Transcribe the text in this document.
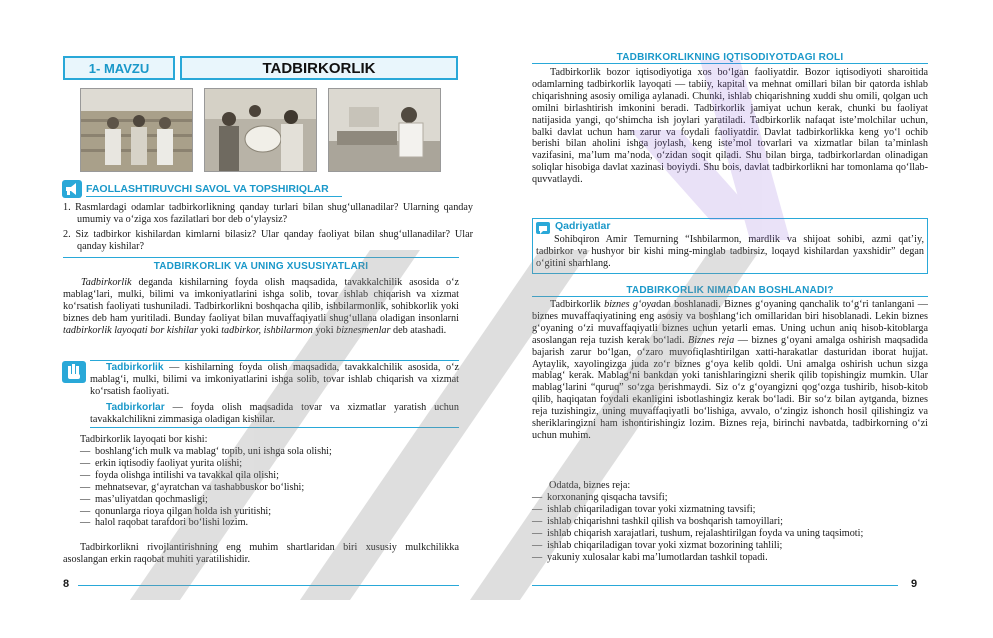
1- MAVZU	TADBIRKORLIK
FAOLLASHTIRUVCHI SAVOL VA TOPSHIRIQLAR

1. Rasmlardagi odamlar tadbirkorlikning qanday turlari bilan shug‘ullanadilar? Ularning qanday umumiy va o‘ziga xos fazilatlari bor deb o‘ylaysiz?

2. Siz tadbirkor kishilardan kimlarni bilasiz? Ular qanday faoliyat bilan shug‘ullanadilar? Ular qanday kishilar?

TADBIRKORLIK VA UNING XUSUSIYATLARI

Tadbirkorlik deganda kishilarning foyda olish maqsadida, tavakkalchilik asosida o‘z mablag‘lari, mulki, bilimi va imkoniyatlarini ishga solib, tovar ishlab chiqarish va xizmat ko‘rsatish faoliyati tushuniladi. Tadbirkorlikni boshqacha qilib, ishbilarmonlik, sohibkorlik yoki biznes deb ham yuritiladi. Bunday faoliyat bilan muvaffaqiyatli shug‘ullana oladigan insonlarni tadbirkorlik layoqati bor kishilar yoki tadbirkor, ishbilarmon yoki biznesmenlar deb atashadi.

Tadbirkorlik — kishilarning foyda olish maqsadida, tavakkalchilik asosida, o‘z mablag‘i, mulki, bilimi va imkoniyatlarini ishga solib, tovar ishlab chiqarish va xizmat ko‘rsatish faoliyati.

Tadbirkorlar — foyda olish maqsadida tovar va xizmatlar yaratish uchun tavakkalchilikni zimmasiga oladigan kishilar.

Tadbirkorlik layoqati bor kishi:

— boshlang‘ich mulk va mablag‘ topib, uni ishga sola olishi;
— erkin iqtisodiy faoliyat yurita olishi;
— foyda olishga intilishi va tavakkal qila olishi;
— mehnatsevar, g‘ayratchan va tashabbuskor bo‘lishi;
— mas’uliyatdan qochmasligi;
— qonunlarga rioya qilgan holda ish yuritishi;
— halol raqobat tarafdori bo‘lishi lozim.

Tadbirkorlikni rivojlantirishning eng muhim shartlaridan biri xususiy mulkchilikka asoslangan erkin raqobat muhiti yaratilishidir.

8
TADBIRKORLIKNING IQTISODIYOTDAGI ROLI

Tadbirkorlik bozor iqtisodiyotiga xos bo‘lgan faoliyatdir. Bozor iqtisodiyoti sharoitida odamlarning tadbirkorlik layoqati — tabiiy, kapital va mehnat omillari bilan bir qatorda ishlab chiqarishning asosiy omiliga aylanadi. Chunki, ishlab chiqarishning xuddi shu omili, qolgan uch omilni birlashtirish imkonini beradi. Tadbirkorlik jamiyat uchun kerak, chunki bu faoliyat natijasida yangi, qo‘shimcha ish joylari yaratiladi. Tadbirkorlik nafaqat iste’molchilar uchun, balki davlat uchun ham zarur va foydali faoliyatdir. Davlat tadbirkorlikka keng yo‘l ochib berishi bilan aholini ishga joylash, keng iste’mol tovarlari va xizmatlar bilan ta’minlash vazifasini, ma’lum ma’noda, o‘zidan soqit qiladi. Shu bilan birga, tadbirkorlardan olinadigan soliqlar hisobiga davlat xazinasi boyiydi. Shu bois, davlat tadbirkorlikni har tomonlama qo‘llab-quvvatlaydi.

Qadriyatlar

Sohibqiron Amir Temurning “Ishbilarmon, mardlik va shijoat sohibi, azmi qat’iy, tadbirkor va hushyor bir kishi ming-minglab tadbirsiz, loqayd kishilardan yaxshidir” degan o‘gitini sharhlang.

TADBIRKORLIK NIMADAN BOSHLANADI?

Tadbirkorlik biznes g‘oyadan boshlanadi. Biznes g‘oyaning qanchalik to‘g‘ri tanlangani — biznes muvaffaqiyatining eng asosiy va boshlang‘ich omillaridan biri hisoblanadi. Lekin biznes g‘oyaning o‘zi muvaffaqiyatli biznes uchun yetarli emas. Uning uchun aniq hisob-kitoblarga asoslangan reja tuzish kerak bo‘ladi. Biznes reja — biznes g‘oyani amalga oshirish maqsadida bajarish zarur bo‘lgan, o‘zaro muvofiqlashtirilgan xatti-harakatlar dasturidan iborat hujjat. Aytaylik, xayolingizga juda zo‘r biznes g‘oya kelib qoldi. Uni amalga oshirish uchun sizga mablag‘ kerak. Mablag‘ni bankdan yoki tanishlaringizni sherik qilib topishingiz mumkin. Ular mablag‘larini “quruq” so‘zga berishmaydi. Siz o‘z g‘oyangizni qog‘ozga tushirib, hisob-kitob qilib, haqiqatan foydali ekanligini isbotlashingiz kerak bo‘ladi. Bir so‘z bilan aytganda, biznes reja tuzishingiz, uning muvaffaqiyatli bo‘lishiga, avvalo, o‘zingiz ishonch hosil qilishingiz va sheriklaringizni ham ishontirishingiz lozim. Biznes reja, birinchi navbatda, tadbirkorning o‘zi uchun muhim.

Odatda, biznes reja:

— korxonaning qisqacha tavsifi;
— ishlab chiqariladigan tovar yoki xizmatning tavsifi;
— ishlab chiqarishni tashkil qilish va boshqarish tamoyillari;
— ishlab chiqarish xarajatlari, tushum, rejalashtirilgan foyda va uning taqsimoti;
— ishlab chiqariladigan tovar yoki xizmat bozorining tahlili;
— yakuniy xulosalar kabi ma’lumotlardan tashkil topadi.
9
